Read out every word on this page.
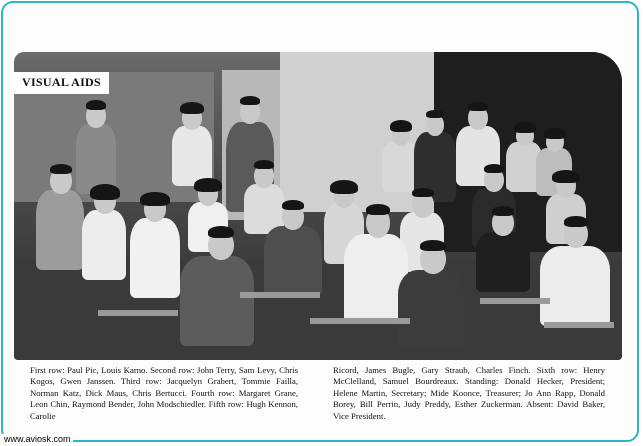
VISUAL AIDS
First row: Paul Pic, Louis Karno. Second row: John Terry, Sam Levy, Chris Kogos, Gwen Janssen. Third row: Jacquelyn Grabert, Tommie Failla, Norman Katz, Dick Maus, Chris Bertucci. Fourth row: Margaret Grane, Leon Chin, Raymond Bender, John Modschiedler. Fifth row: Hugh Kennon, Carolie
Ricord, James Bugle, Gary Straub, Charles Finch. Sixth row: Henry McClelland, Samuel Bourdreaux. Standing: Donald Hecker, President; Helene Martin, Secretary; Mide Koonce, Treasurer; Jo Ann Rapp, Donald Borey, Bill Perrin, Judy Preddy, Esther Zuckerman. Absent: David Baker, Vice President.
www.aviosk.com
